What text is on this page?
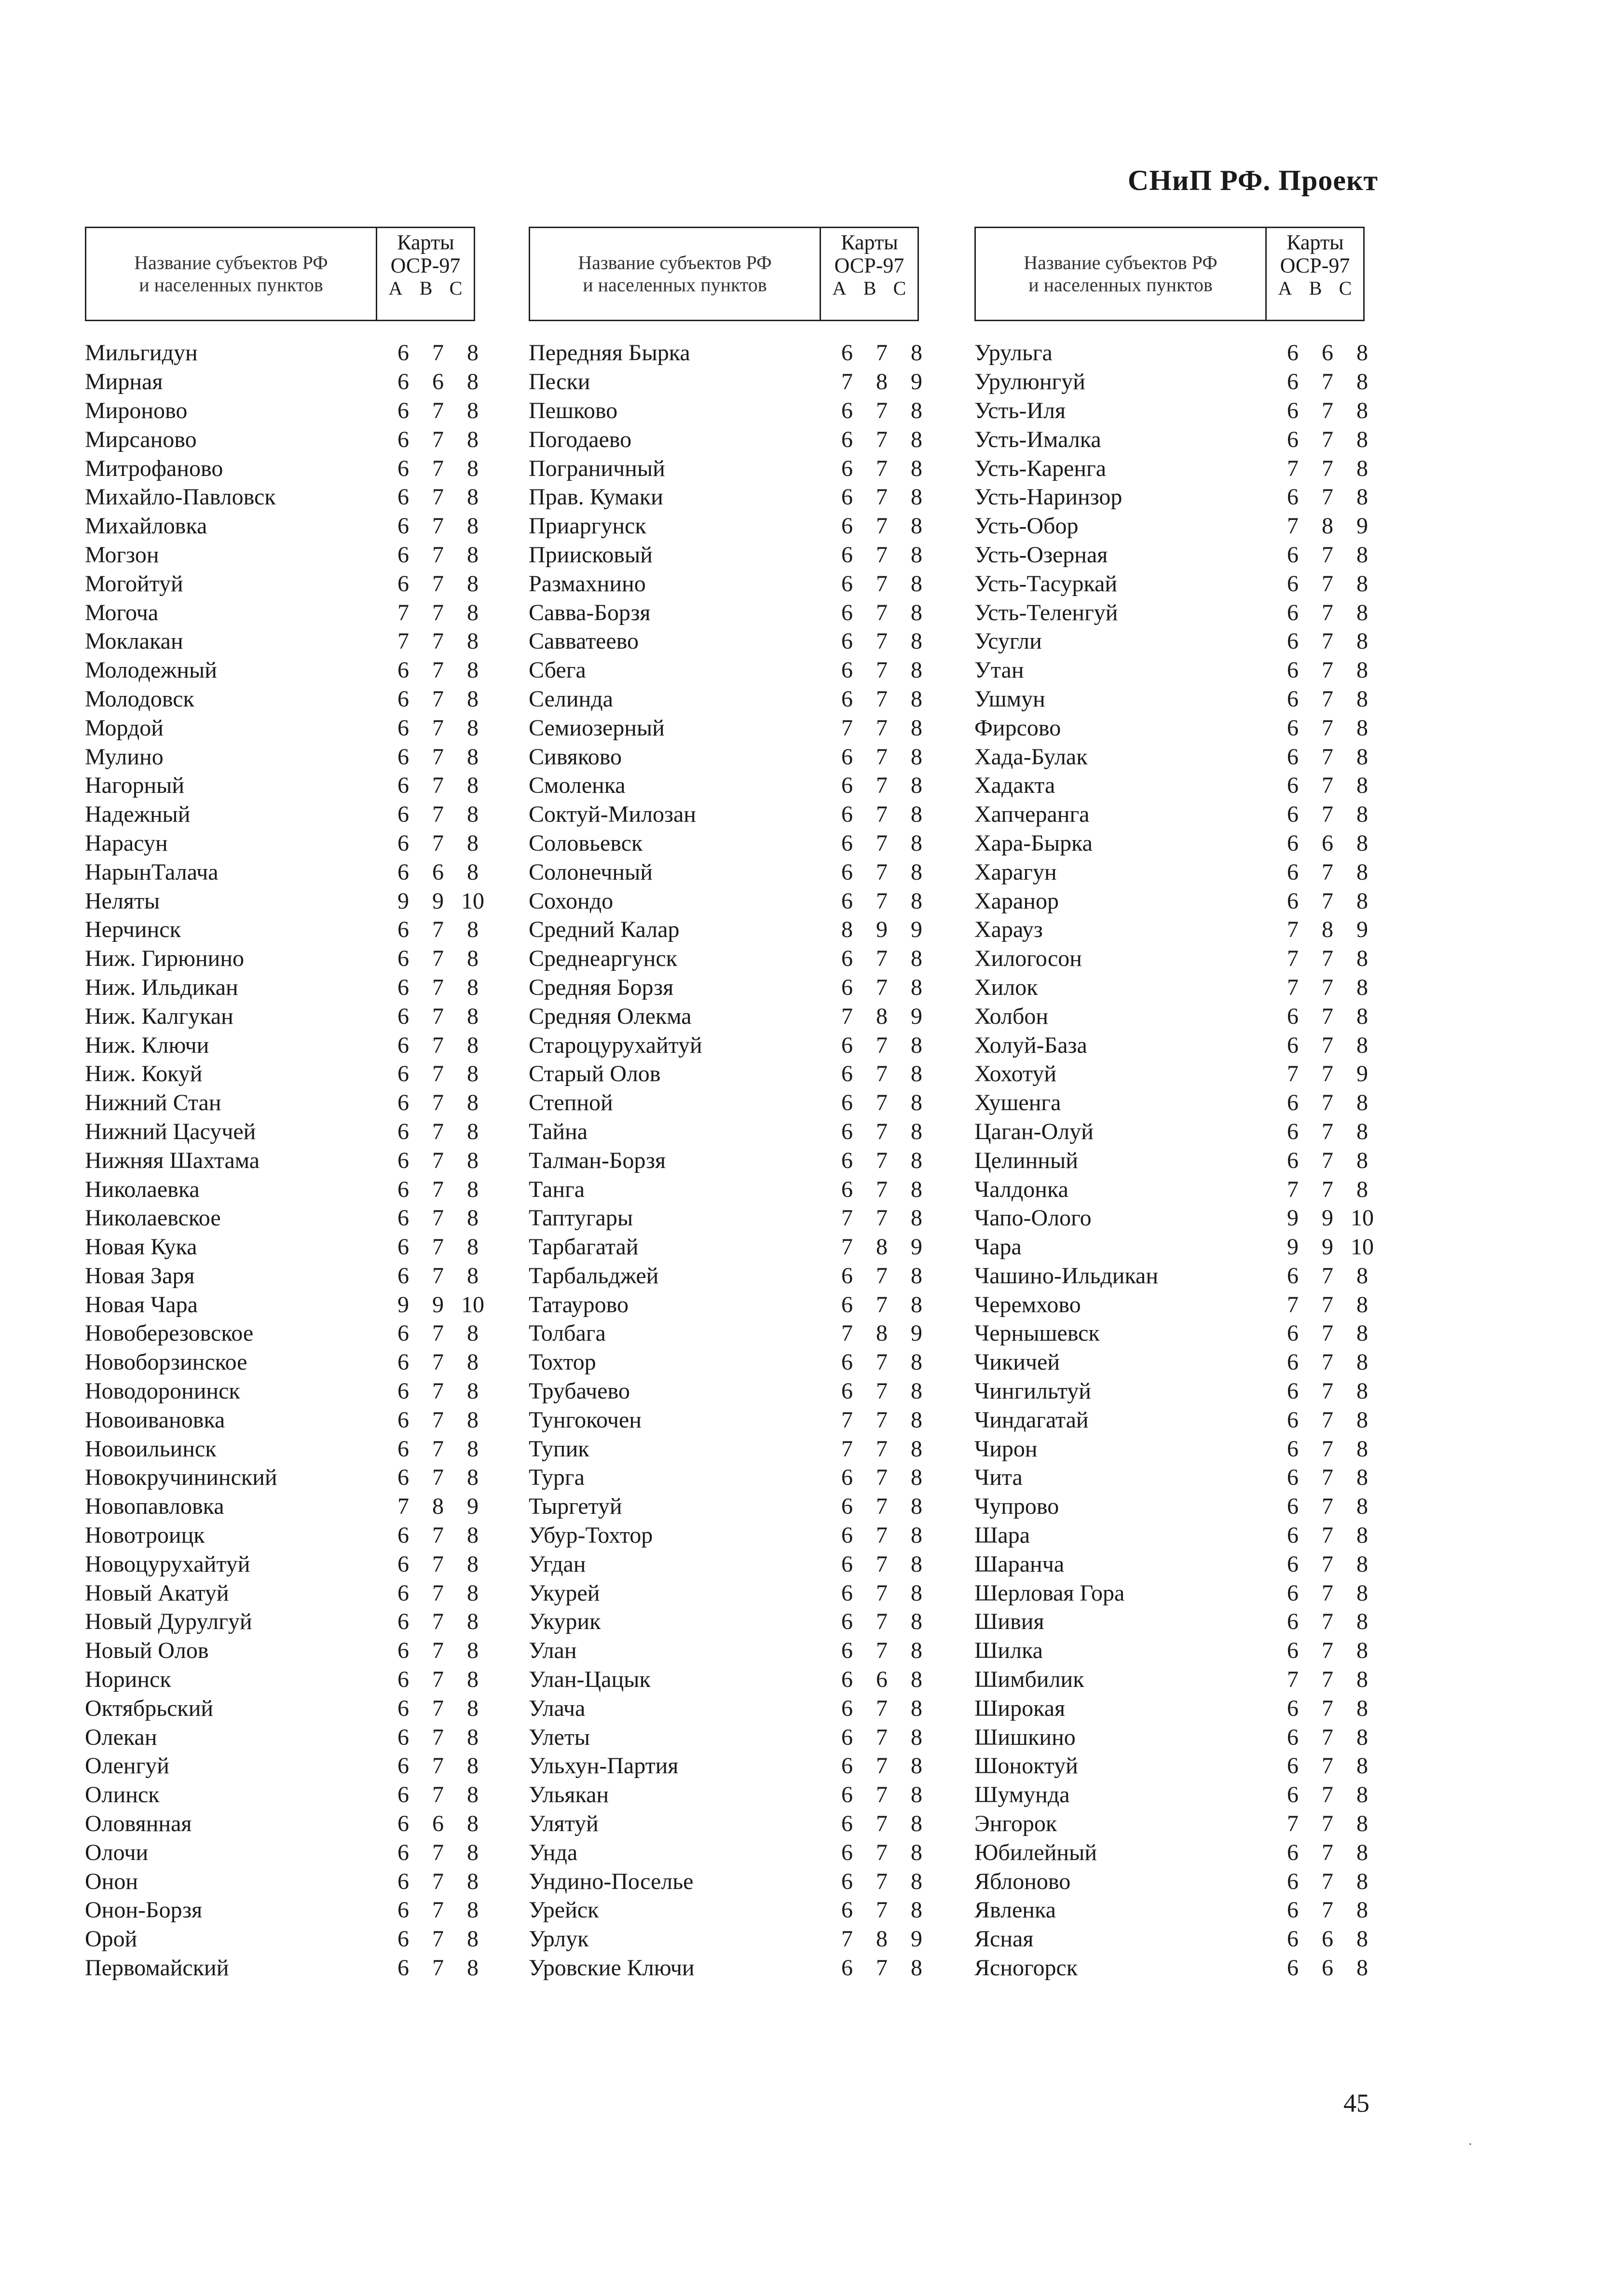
СНиП РФ. Проект
Название субъектов РФ
и населенных пунктов
Карты
ОСР-97
A B C
Мильгидун	6	7	8
Мирная	6	6	8
Мироново	6	7	8
Мирсаново	6	7	8
Митрофаново	6	7	8
Михайло-Павловск	6	7	8
Михайловка	6	7	8
Могзон	6	7	8
Могойтуй	6	7	8
Могоча	7	7	8
Моклакан	7	7	8
Молодежный	6	7	8
Молодовск	6	7	8
Мордой	6	7	8
Мулино	6	7	8
Нагорный	6	7	8
Надежный	6	7	8
Нарасун	6	7	8
НарынТалача	6	6	8
Неляты	9	9 10
Нерчинск	6	7	8
Ниж. Гирюнино	6	7	8
Ниж. Ильдикан	6	7	8
Ниж. Калгукан	6	7	8
Ниж. Ключи	6	7	8
Ниж. Кокуй	6	7	8
Нижний Стан	6	7	8
Нижний Цасучей	6	7	8
Нижняя Шахтама	6	7	8
Николаевка	6	7	8
Николаевское	6	7	8
Новая Кука	6	7	8
Новая Заря	6	7	8
Новая Чара	9	9 10
Новоберезовское	6	7	8
Новоборзинское	6	7	8
Новодоронинск	6	7	8
Новоивановка	6	7	8
Новоильинск	6	7	8
Новокручининский	6	7	8
Новопавловка	7	8	9
Новотроицк	6	7	8
Новоцурухайтуй	6	7	8
Новый Акатуй	6	7	8
Новый Дурулгуй	6	7	8
Новый Олов	6	7	8
Норинск	6	7	8
Октябрьский	6	7	8
Олекан	6	7	8
Оленгуй	6	7	8
Олинск	6	7	8
Оловянная	6	6	8
Олочи	6	7	8
Онон	6	7	8
Онон-Борзя	6	7	8
Орой	6	7	8
Первомайский	6	7	8
Название субъектов РФ
и населенных пунктов
Карты
ОСР-97
A B C
Передняя Бырка	6	7	8
Пески	7	8	9
Пешково	6	7	8
Погодаево	6	7	8
Пограничный	6	7	8
Прав. Кумаки	6	7	8
Приаргунск	6	7	8
Приисковый	6	7	8
Размахнино	6	7	8
Савва-Борзя	6	7	8
Савватеево	6	7	8
Сбега	6	7	8
Селинда	6	7	8
Семиозерный	7	7	8
Сивяково	6	7	8
Смоленка	6	7	8
Соктуй-Милозан	6	7	8
Соловьевск	6	7	8
Солонечный	6	7	8
Сохондо	6	7	8
Средний Калар	8	9	9
Среднеаргунск	6	7	8
Средняя Борзя	6	7	8
Средняя Олекма	7	8	9
Староцурухайтуй	6	7	8
Старый Олов	6	7	8
Степной	6	7	8
Тайна	6	7	8
Талман-Борзя	6	7	8
Танга	6	7	8
Таптугары	7	7	8
Тарбагатай	7	8	9
Тарбальджей	6	7	8
Татаурово	6	7	8
Толбага	7	8	9
Тохтор	6	7	8
Трубачево	6	7	8
Тунгокочен	7	7	8
Тупик	7	7	8
Турга	6	7	8
Тыргетуй	6	7	8
Убур-Тохтор	6	7	8
Угдан	6	7	8
Укурей	6	7	8
Укурик	6	7	8
Улан	6	7	8
Улан-Цацык	6	6	8
Улача	6	7	8
Улеты	6	7	8
Ульхун-Партия	6	7	8
Ульякан	6	7	8
Улятуй	6	7	8
Унда	6	7	8
Ундино-Поселье	6	7	8
Урейск	6	7	8
Урлук	7	8	9
Уровские Ключи	6	7	8
Название субъектов РФ
и населенных пунктов
Карты
ОСР-97
A B C
Урульга	6	6	8
Урулюнгуй	6	7	8
Усть-Иля	6	7	8
Усть-Ималка	6	7	8
Усть-Каренга	7	7	8
Усть-Наринзор	6	7	8
Усть-Обор	7	8	9
Усть-Озерная	6	7	8
Усть-Тасуркай	6	7	8
Усть-Теленгуй	6	7	8
Усугли	6	7	8
Утан	6	7	8
Ушмун	6	7	8
Фирсово	6	7	8
Хада-Булак	6	7	8
Хадакта	6	7	8
Хапчеранга	6	7	8
Хара-Бырка	6	6	8
Харагун	6	7	8
Харанор	6	7	8
Харауз	7	8	9
Хилогосон	7	7	8
Хилок	7	7	8
Холбон	6	7	8
Холуй-База	6	7	8
Хохотуй	7	7	9
Хушенга	6	7	8
Цаган-Олуй	6	7	8
Целинный	6	7	8
Чалдонка	7	7	8
Чапо-Олого	9	9 10
Чара	9	9 10
Чашино-Ильдикан	6	7	8
Черемхово	7	7	8
Чернышевск	6	7	8
Чикичей	6	7	8
Чингильтуй	6	7	8
Чиндагатай	6	7	8
Чирон	6	7	8
Чита	6	7	8
Чупрово	6	7	8
Шара	6	7	8
Шаранча	6	7	8
Шерловая Гора	6	7	8
Шивия	6	7	8
Шилка	6	7	8
Шимбилик	7	7	8
Широкая	6	7	8
Шишкино	6	7	8
Шоноктуй	6	7	8
Шумунда	6	7	8
Энгорок	7	7	8
Юбилейный	6	7	8
Яблоново	6	7	8
Явленка	6	7	8
Ясная	6	6	8
Ясногорск	6	6	8
45
